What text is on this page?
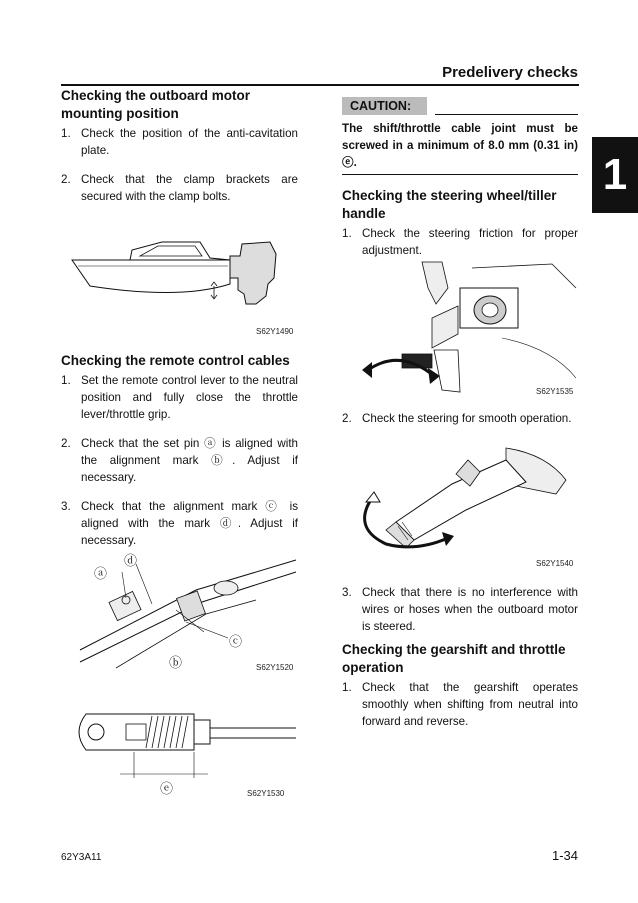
Predelivery checks
1
Checking the outboard motor
mounting position
1. Check the position of the anti-cavitation plate.
2. Check that the clamp brackets are secured with the clamp bolts.
S62Y1490
Checking the remote control cables
1. Set the remote control lever to the neutral position and fully close the throttle lever/throttle grip.
2. Check that the set pin ⓐ is aligned with the alignment mark ⓑ. Adjust if necessary.
3. Check that the alignment mark ⓒ is aligned with the mark ⓓ. Adjust if necessary.
ⓐ
ⓓ
ⓒ
ⓑ	S62Y1520
ⓔ	S62Y1530
CAUTION:
The shift/throttle cable joint must be screwed in a minimum of 8.0 mm (0.31 in) ⓔ.
Checking the steering wheel/tiller
handle
1. Check the steering friction for proper adjustment.
S62Y1535
2. Check the steering for smooth operation.
S62Y1540
3. Check that there is no interference with wires or hoses when the outboard motor is steered.
Checking the gearshift and throttle
operation
1. Check that the gearshift operates smoothly when shifting from neutral into forward and reverse.
62Y3A11	1-34
